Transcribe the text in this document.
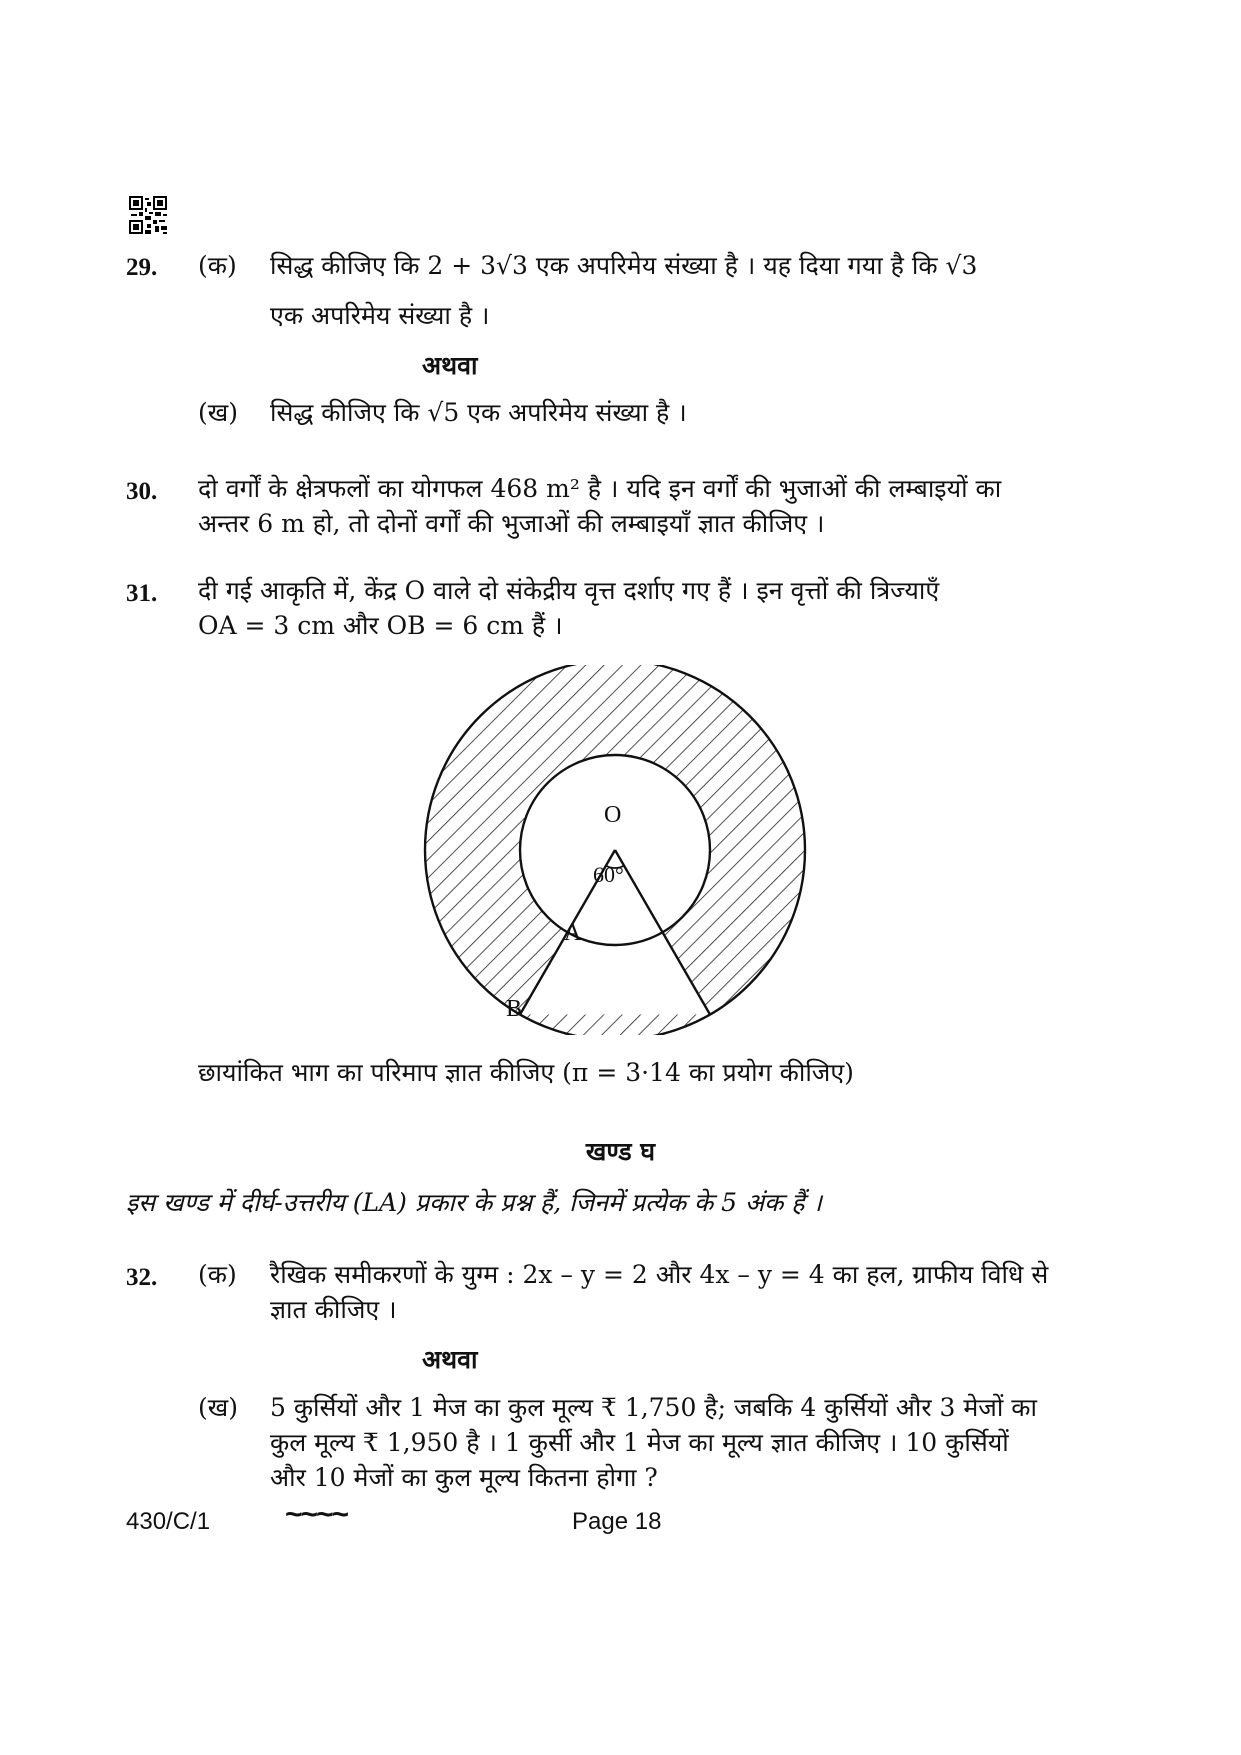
29. (क) सिद्ध कीजिए कि 2 + 3√3 एक अपरिमेय संख्या है । यह दिया गया है कि √3
एक अपरिमेय संख्या है ।
अथवा
(ख) सिद्ध कीजिए कि √5 एक अपरिमेय संख्या है ।
30. दो वर्गों के क्षेत्रफलों का योगफल 468 m² है । यदि इन वर्गों की भुजाओं की लम्बाइयों का
अन्तर 6 m हो, तो दोनों वर्गों की भुजाओं की लम्बाइयाँ ज्ञात कीजिए ।
31. दी गई आकृति में, केंद्र O वाले दो संकेद्रीय वृत्त दर्शाए गए हैं । इन वृत्तों की त्रिज्याएँ
OA = 3 cm और OB = 6 cm हैं ।
O
60°
A
B
छायांकित भाग का परिमाप ज्ञात कीजिए (π = 3·14 का प्रयोग कीजिए)
खण्ड घ
इस खण्ड में दीर्घ-उत्तरीय (LA) प्रकार के प्रश्न हैं, जिनमें प्रत्येक के 5 अंक हैं ।
32. (क) रैखिक समीकरणों के युग्म : 2x – y = 2 और 4x – y = 4 का हल, ग्राफीय विधि से
ज्ञात कीजिए ।
अथवा
(ख) 5 कुर्सियों और 1 मेज का कुल मूल्य ₹ 1,750 है; जबकि 4 कुर्सियों और 3 मेजों का
कुल मूल्य ₹ 1,950 है । 1 कुर्सी और 1 मेज का मूल्य ज्ञात कीजिए । 10 कुर्सियों
और 10 मेजों का कुल मूल्य कितना होगा ?
430/C/1 ~~~~	Page 18
